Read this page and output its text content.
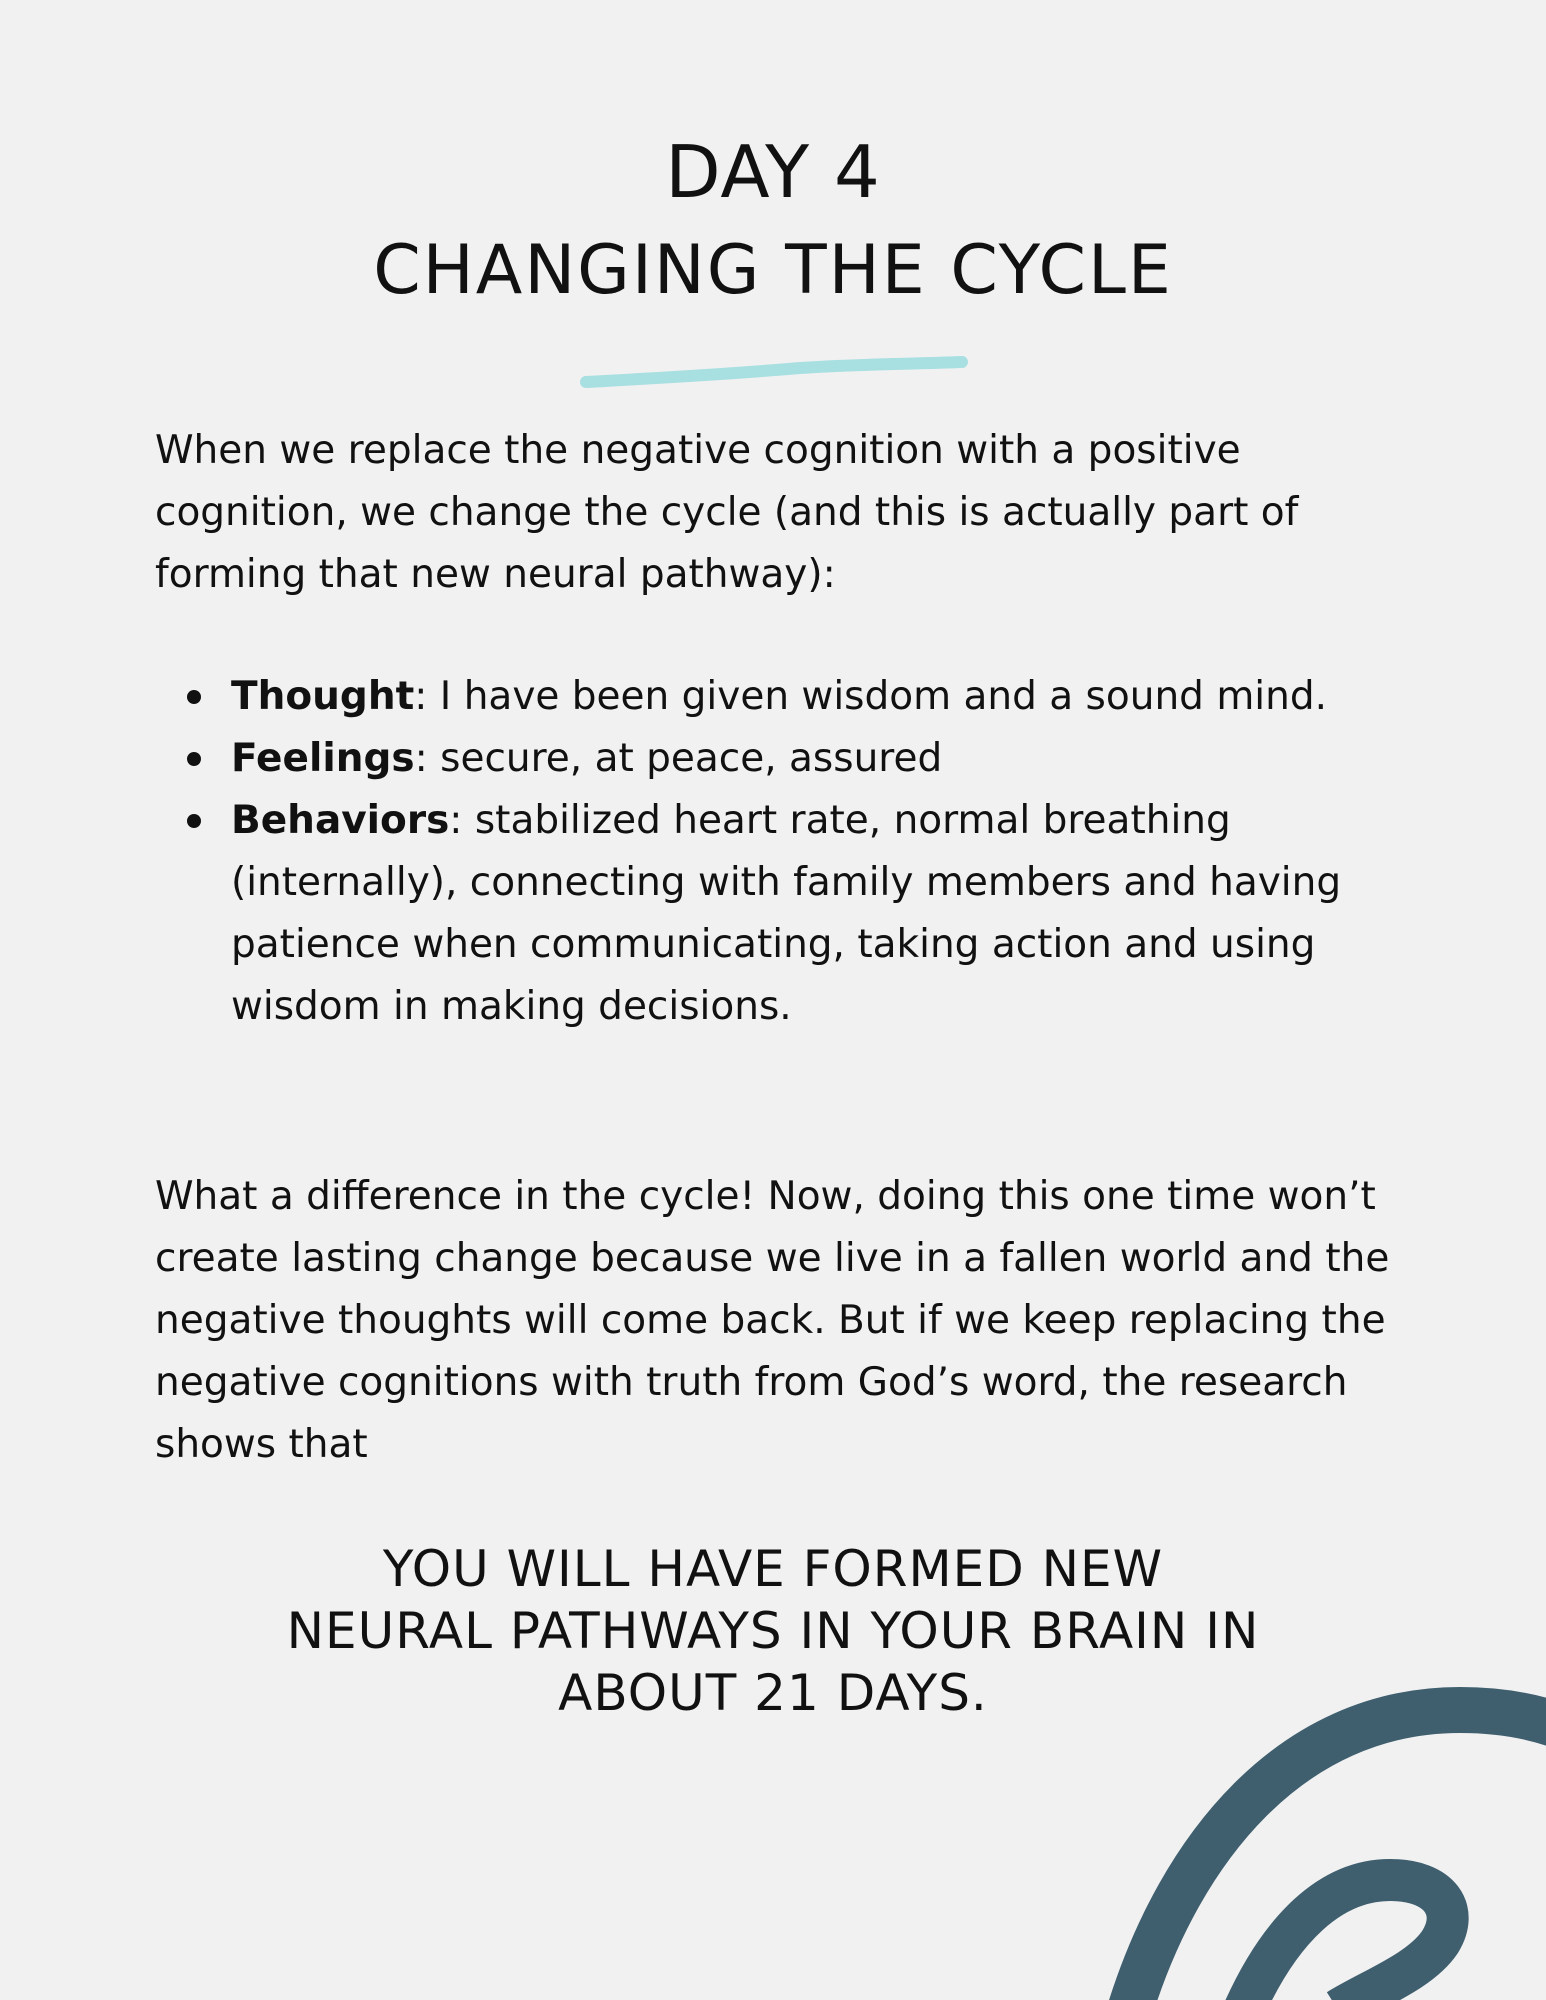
DAY 4
CHANGING THE CYCLE

When we replace the negative cognition with a positive cognition, we change the cycle (and this is actually part of forming that new neural pathway):

Thought: I have been given wisdom and a sound mind.
Feelings: secure, at peace, assured
Behaviors: stabilized heart rate, normal breathing (internally), connecting with family members and having patience when communicating, taking action and using wisdom in making decisions.

What a difference in the cycle! Now, doing this one time won’t create lasting change because we live in a fallen world and the negative thoughts will come back. But if we keep replacing the negative cognitions with truth from God’s word, the research shows that

YOU WILL HAVE FORMED NEW
NEURAL PATHWAYS IN YOUR BRAIN IN
ABOUT 21 DAYS.
